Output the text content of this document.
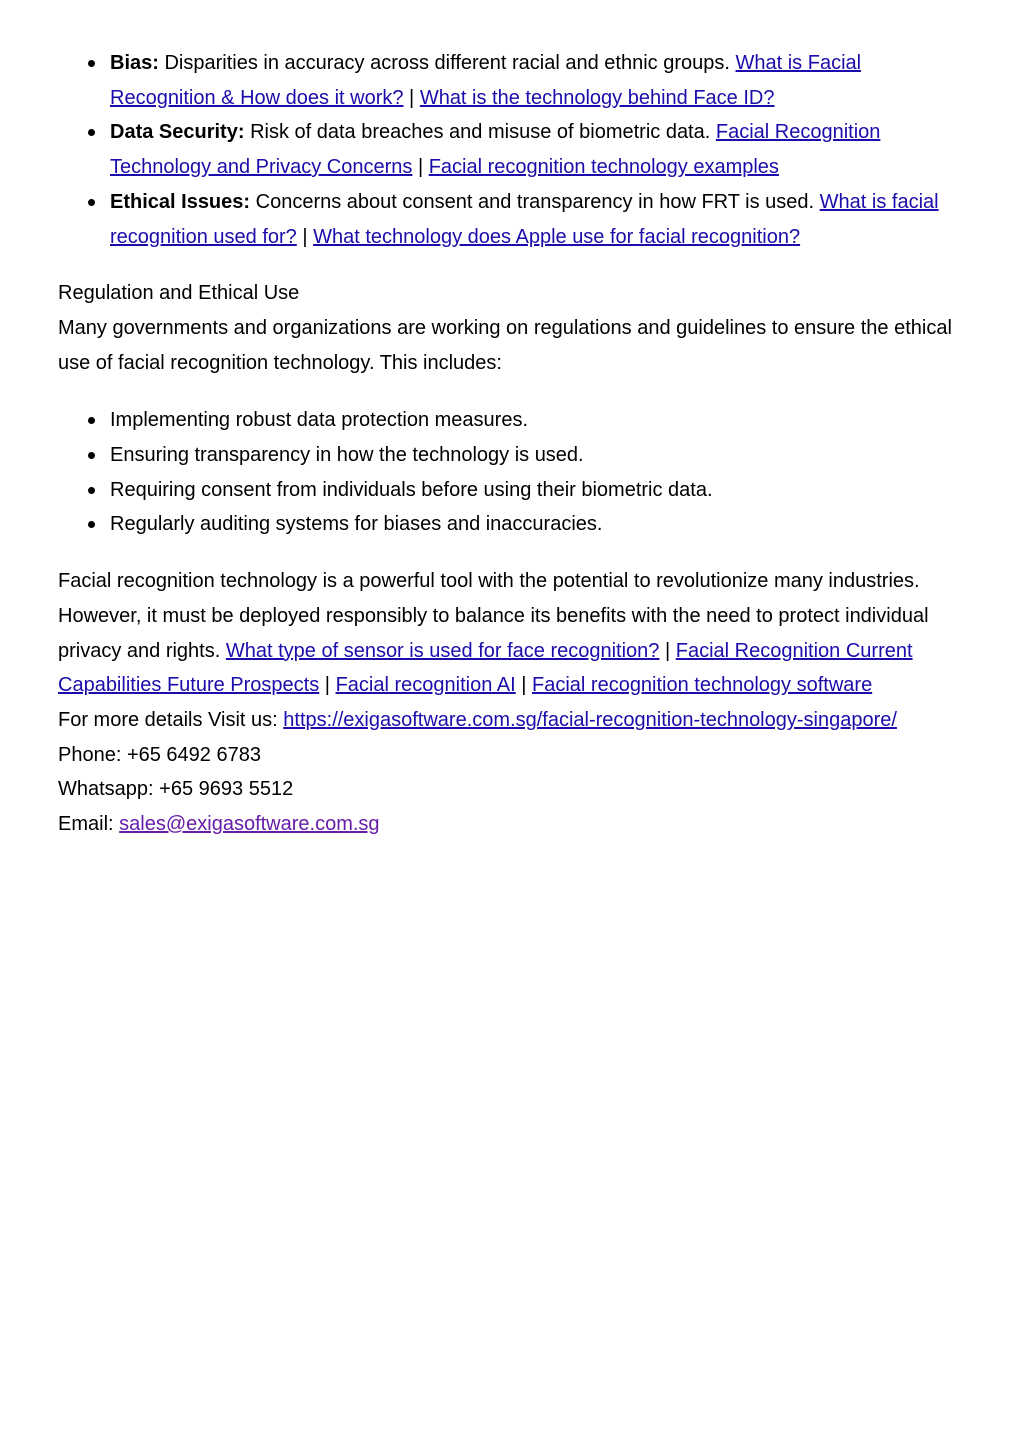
Bias: Disparities in accuracy across different racial and ethnic groups. What is Facial Recognition & How does it work? | What is the technology behind Face ID?
Data Security: Risk of data breaches and misuse of biometric data. Facial Recognition Technology and Privacy Concerns | Facial recognition technology examples
Ethical Issues: Concerns about consent and transparency in how FRT is used. What is facial recognition used for? | What technology does Apple use for facial recognition?

Regulation and Ethical Use

Many governments and organizations are working on regulations and guidelines to ensure the ethical use of facial recognition technology. This includes:

Implementing robust data protection measures.
Ensuring transparency in how the technology is used.
Requiring consent from individuals before using their biometric data.
Regularly auditing systems for biases and inaccuracies.

Facial recognition technology is a powerful tool with the potential to revolutionize many industries. However, it must be deployed responsibly to balance its benefits with the need to protect individual privacy and rights. What type of sensor is used for face recognition? | Facial Recognition Current Capabilities Future Prospects | Facial recognition AI | Facial recognition technology software

For more details Visit us: https://exigasoftware.com.sg/facial-recognition-technology-singapore/

Phone: +65 6492 6783

Whatsapp: +65 9693 5512

Email: sales@exigasoftware.com.sg
